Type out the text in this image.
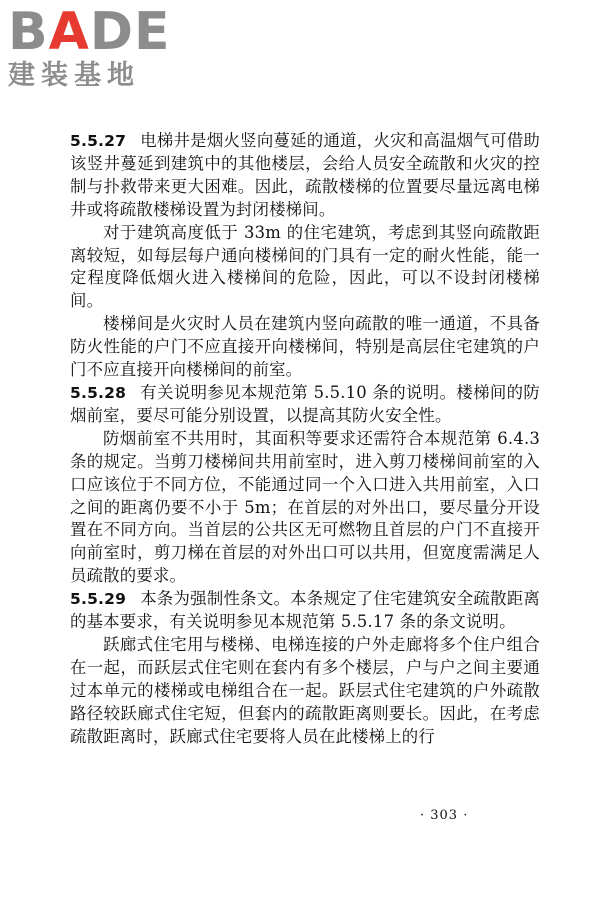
BADE
建装基地

5.5.27 电梯井是烟火竖向蔓延的通道，火灾和高温烟气可借助该竖井蔓延到建筑中的其他楼层，会给人员安全疏散和火灾的控制与扑救带来更大困难。因此，疏散楼梯的位置要尽量远离电梯井或将疏散楼梯设置为封闭楼梯间。

对于建筑高度低于 33m 的住宅建筑，考虑到其竖向疏散距离较短，如每层每户通向楼梯间的门具有一定的耐火性能，能一定程度降低烟火进入楼梯间的危险，因此，可以不设封闭楼梯间。

楼梯间是火灾时人员在建筑内竖向疏散的唯一通道，不具备防火性能的户门不应直接开向楼梯间，特别是高层住宅建筑的户门不应直接开向楼梯间的前室。

5.5.28 有关说明参见本规范第 5.5.10 条的说明。楼梯间的防烟前室，要尽可能分别设置，以提高其防火安全性。

防烟前室不共用时，其面积等要求还需符合本规范第 6.4.3 条的规定。当剪刀楼梯间共用前室时，进入剪刀楼梯间前室的入口应该位于不同方位，不能通过同一个入口进入共用前室，入口之间的距离仍要不小于 5m；在首层的对外出口，要尽量分开设置在不同方向。当首层的公共区无可燃物且首层的户门不直接开向前室时，剪刀梯在首层的对外出口可以共用，但宽度需满足人员疏散的要求。

5.5.29 本条为强制性条文。本条规定了住宅建筑安全疏散距离的基本要求，有关说明参见本规范第 5.5.17 条的条文说明。

跃廊式住宅用与楼梯、电梯连接的户外走廊将多个住户组合在一起，而跃层式住宅则在套内有多个楼层，户与户之间主要通过本单元的楼梯或电梯组合在一起。跃层式住宅建筑的户外疏散路径较跃廊式住宅短，但套内的疏散距离则要长。因此，在考虑疏散距离时，跃廊式住宅要将人员在此楼梯上的行

· 303 ·
